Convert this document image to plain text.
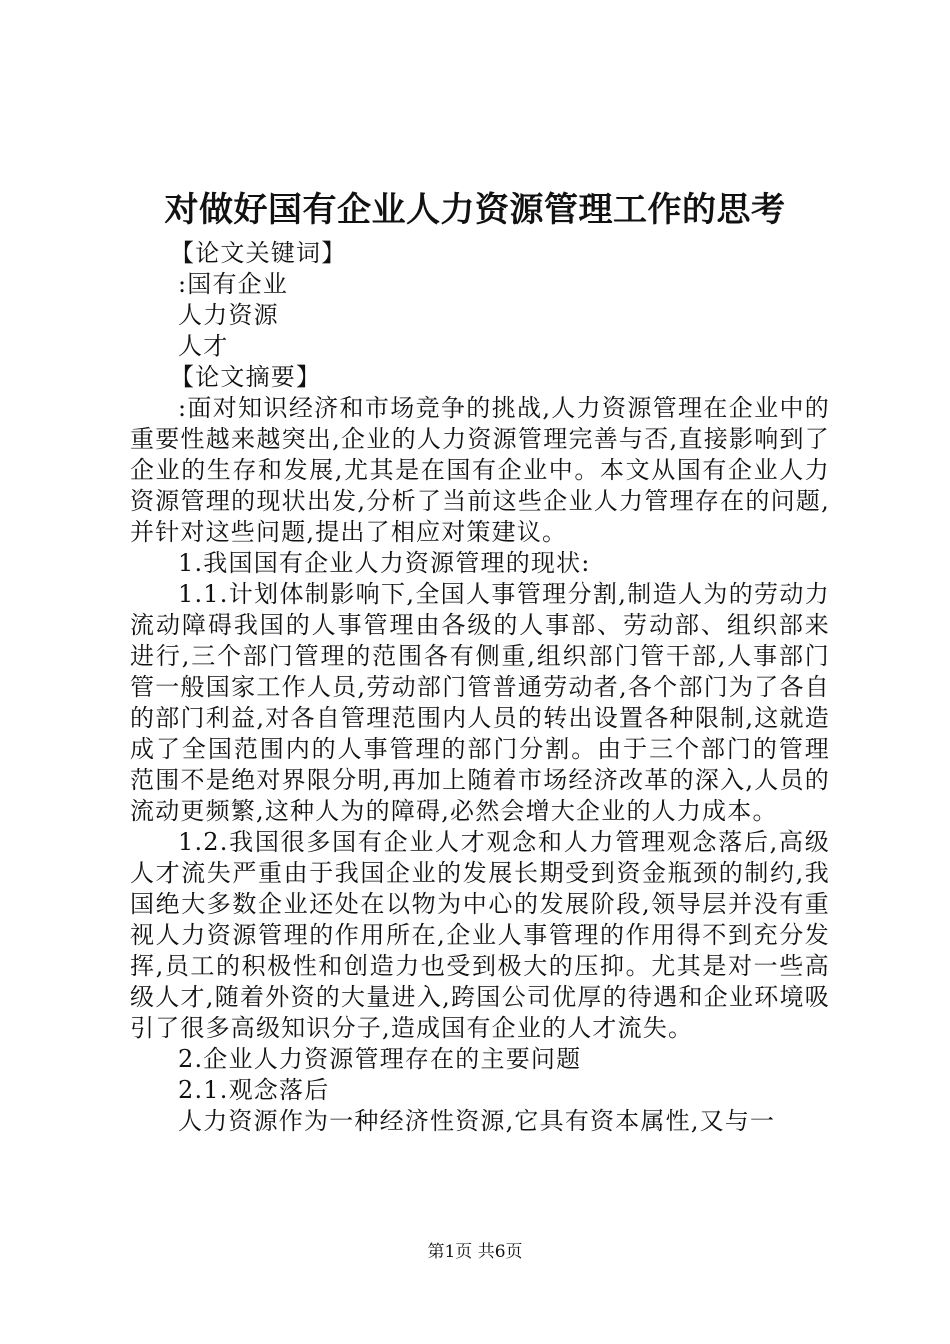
对做好国有企业人力资源管理工作的思考

【论文关键词】

:国有企业

人力资源

人才

【论文摘要】

:面对知识经济和市场竞争的挑战,人力资源管理在企业中的重要性越来越突出,企业的人力资源管理完善与否,直接影响到了企业的生存和发展,尤其是在国有企业中。本文从国有企业人力资源管理的现状出发,分析了当前这些企业人力管理存在的问题,并针对这些问题,提出了相应对策建议。

1.我国国有企业人力资源管理的现状:

1.1.计划体制影响下,全国人事管理分割,制造人为的劳动力流动障碍我国的人事管理由各级的人事部、劳动部、组织部来进行,三个部门管理的范围各有侧重,组织部门管干部,人事部门管一般国家工作人员,劳动部门管普通劳动者,各个部门为了各自的部门利益,对各自管理范围内人员的转出设置各种限制,这就造成了全国范围内的人事管理的部门分割。由于三个部门的管理范围不是绝对界限分明,再加上随着市场经济改革的深入,人员的流动更频繁,这种人为的障碍,必然会增大企业的人力成本。

1.2.我国很多国有企业人才观念和人力管理观念落后,高级人才流失严重由于我国企业的发展长期受到资金瓶颈的制约,我国绝大多数企业还处在以物为中心的发展阶段,领导层并没有重视人力资源管理的作用所在,企业人事管理的作用得不到充分发挥,员工的积极性和创造力也受到极大的压抑。尤其是对一些高级人才,随着外资的大量进入,跨国公司优厚的待遇和企业环境吸引了很多高级知识分子,造成国有企业的人才流失。

2.企业人力资源管理存在的主要问题

2.1.观念落后

人力资源作为一种经济性资源,它具有资本属性,又与一

第1页 共6页
